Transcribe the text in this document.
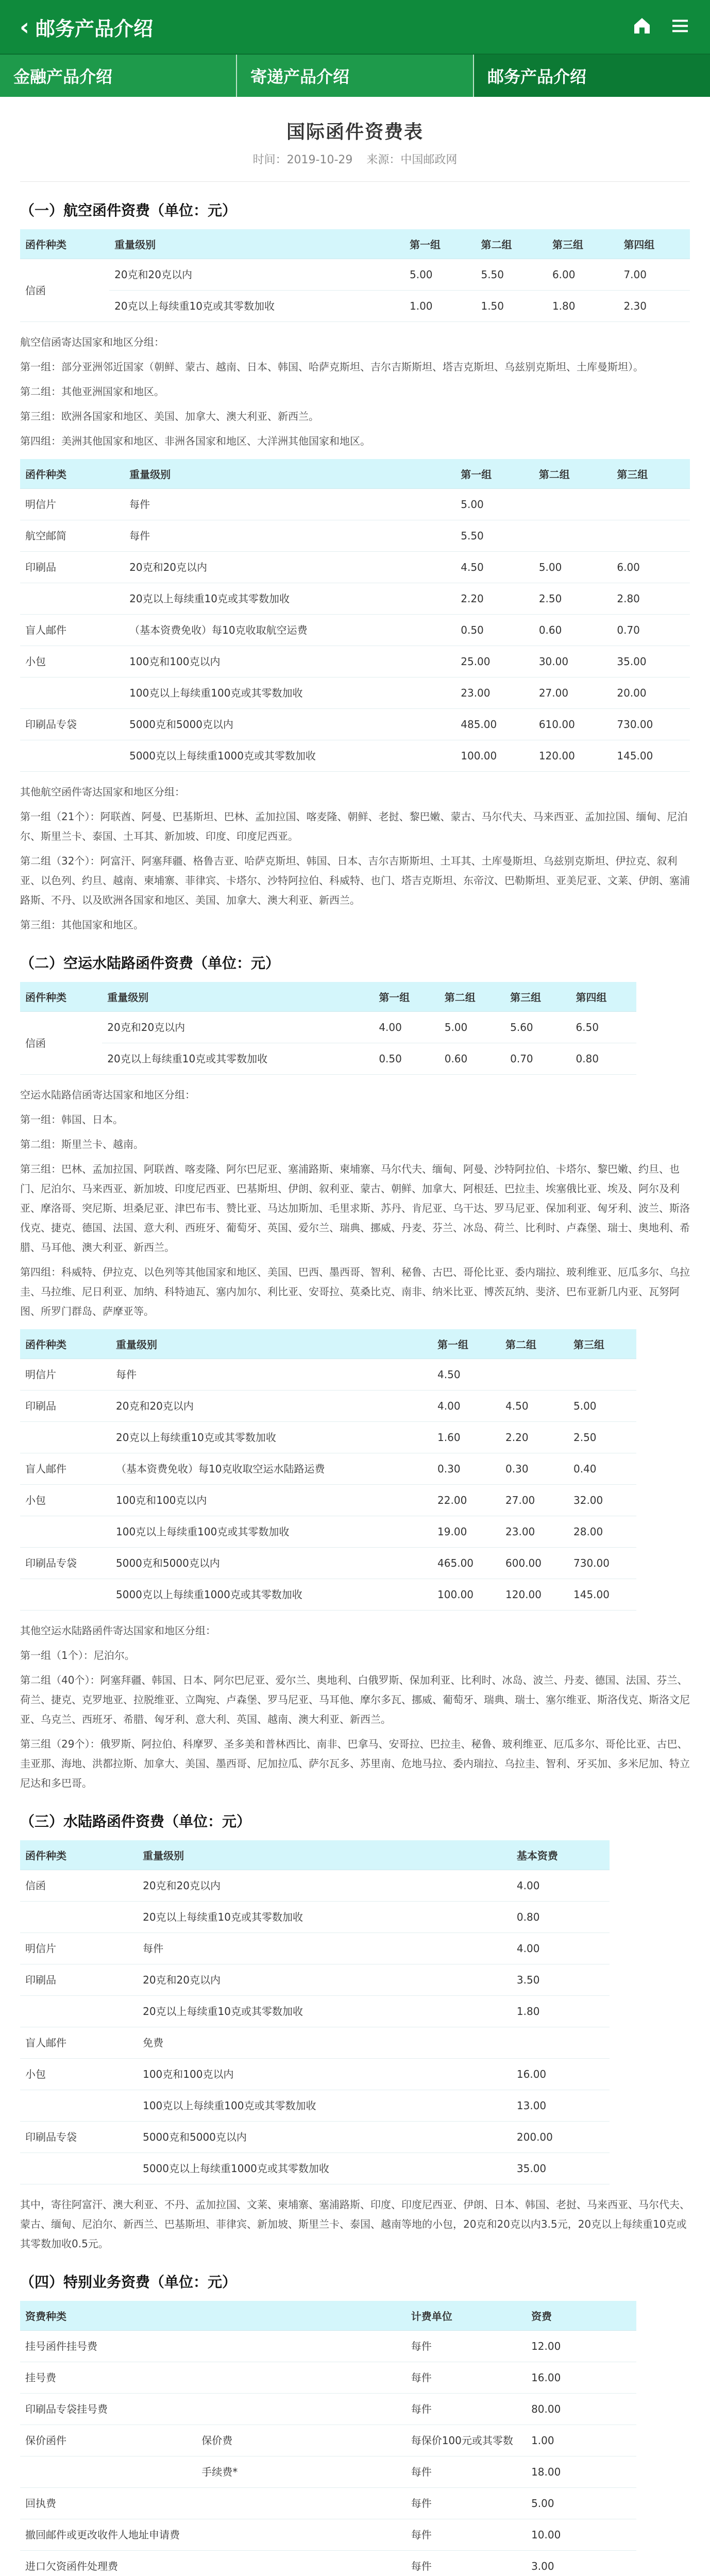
‹ 邮务产品介绍
金融产品介绍	寄递产品介绍	邮务产品介绍
国际函件资费表
时间：2019-10-29 来源：中国邮政网
（一）航空函件资费（单位：元）
函件种类	重量级别	第一组	第二组	第三组	第四组
信函	20克和20克以内	5.00	5.50	6.00	7.00
	20克以上每续重10克或其零数加收	1.00	1.50	1.80	2.30

航空信函寄达国家和地区分组：

第一组：部分亚洲邻近国家（朝鲜、蒙古、越南、日本、韩国、哈萨克斯坦、吉尔吉斯斯坦、塔吉克斯坦、乌兹别克斯坦、土库曼斯坦）。

第二组：其他亚洲国家和地区。

第三组：欧洲各国家和地区、美国、加拿大、澳大利亚、新西兰。

第四组：美洲其他国家和地区、非洲各国家和地区、大洋洲其他国家和地区。

函件种类	重量级别	第一组	第二组	第三组
明信片	每件	5.00		
航空邮简	每件	5.50		
印刷品	20克和20克以内	4.50	5.00	6.00
	20克以上每续重10克或其零数加收	2.20	2.50	2.80
盲人邮件	（基本资费免收）每10克收取航空运费	0.50	0.60	0.70
小包	100克和100克以内	25.00	30.00	35.00
	100克以上每续重100克或其零数加收	23.00	27.00	20.00
印刷品专袋	5000克和5000克以内	485.00	610.00	730.00
	5000克以上每续重1000克或其零数加收	100.00	120.00	145.00

其他航空函件寄达国家和地区分组：

第一组（21个）：阿联酋、阿曼、巴基斯坦、巴林、孟加拉国、喀麦隆、朝鲜、老挝、黎巴嫩、蒙古、马尔代夫、马来西亚、孟加拉国、缅甸、尼泊尔、斯里兰卡、泰国、土耳其、新加坡、印度、印度尼西亚。

第二组（32个）：阿富汗、阿塞拜疆、格鲁吉亚、哈萨克斯坦、韩国、日本、吉尔吉斯斯坦、土耳其、土库曼斯坦、乌兹别克斯坦、伊拉克、叙利亚、以色列、约旦、越南、柬埔寨、菲律宾、卡塔尔、沙特阿拉伯、科威特、也门、塔吉克斯坦、东帝汶、巴勒斯坦、亚美尼亚、文莱、伊朗、塞浦路斯、不丹、以及欧洲各国家和地区、美国、加拿大、澳大利亚、新西兰。

第三组：其他国家和地区。

（二）空运水陆路函件资费（单位：元）
函件种类	重量级别	第一组	第二组	第三组	第四组
信函	20克和20克以内	4.00	5.00	5.60	6.50
	20克以上每续重10克或其零数加收	0.50	0.60	0.70	0.80

空运水陆路信函寄达国家和地区分组：

第一组：韩国、日本。

第二组：斯里兰卡、越南。

第三组：巴林、孟加拉国、阿联酋、喀麦隆、阿尔巴尼亚、塞浦路斯、柬埔寨、马尔代夫、缅甸、阿曼、沙特阿拉伯、卡塔尔、黎巴嫩、约旦、也门、尼泊尔、马来西亚、新加坡、印度尼西亚、巴基斯坦、伊朗、叙利亚、蒙古、朝鲜、加拿大、阿根廷、巴拉圭、埃塞俄比亚、埃及、阿尔及利亚、摩洛哥、突尼斯、坦桑尼亚、津巴布韦、赞比亚、马达加斯加、毛里求斯、苏丹、肯尼亚、乌干达、罗马尼亚、保加利亚、匈牙利、波兰、斯洛伐克、捷克、德国、法国、意大利、西班牙、葡萄牙、英国、爱尔兰、瑞典、挪威、丹麦、芬兰、冰岛、荷兰、比利时、卢森堡、瑞士、奥地利、希腊、马耳他、澳大利亚、新西兰。

第四组：科威特、伊拉克、以色列等其他国家和地区、美国、巴西、墨西哥、智利、秘鲁、古巴、哥伦比亚、委内瑞拉、玻利维亚、厄瓜多尔、乌拉圭、马拉维、尼日利亚、加纳、科特迪瓦、塞内加尔、利比亚、安哥拉、莫桑比克、南非、纳米比亚、博茨瓦纳、斐济、巴布亚新几内亚、瓦努阿图、所罗门群岛、萨摩亚等。

函件种类	重量级别	第一组	第二组	第三组
明信片	每件	4.50		
印刷品	20克和20克以内	4.00	4.50	5.00
	20克以上每续重10克或其零数加收	1.60	2.20	2.50
盲人邮件	（基本资费免收）每10克收取空运水陆路运费	0.30	0.30	0.40
小包	100克和100克以内	22.00	27.00	32.00
	100克以上每续重100克或其零数加收	19.00	23.00	28.00
印刷品专袋	5000克和5000克以内	465.00	600.00	730.00
	5000克以上每续重1000克或其零数加收	100.00	120.00	145.00

其他空运水陆路函件寄达国家和地区分组：

第一组（1个）：尼泊尔。

第二组（40个）：阿塞拜疆、韩国、日本、阿尔巴尼亚、爱尔兰、奥地利、白俄罗斯、保加利亚、比利时、冰岛、波兰、丹麦、德国、法国、芬兰、荷兰、捷克、克罗地亚、拉脱维亚、立陶宛、卢森堡、罗马尼亚、马耳他、摩尔多瓦、挪威、葡萄牙、瑞典、瑞士、塞尔维亚、斯洛伐克、斯洛文尼亚、乌克兰、西班牙、希腊、匈牙利、意大利、英国、越南、澳大利亚、新西兰。

第三组（29个）：俄罗斯、阿拉伯、科摩罗、圣多美和普林西比、南非、巴拿马、安哥拉、巴拉圭、秘鲁、玻利维亚、厄瓜多尔、哥伦比亚、古巴、圭亚那、海地、洪都拉斯、加拿大、美国、墨西哥、尼加拉瓜、萨尔瓦多、苏里南、危地马拉、委内瑞拉、乌拉圭、智利、牙买加、多米尼加、特立尼达和多巴哥。

（三）水陆路函件资费（单位：元）
函件种类	重量级别	基本资费
信函	20克和20克以内	4.00
	20克以上每续重10克或其零数加收	0.80
明信片	每件	4.00
印刷品	20克和20克以内	3.50
	20克以上每续重10克或其零数加收	1.80
盲人邮件	免费	
小包	100克和100克以内	16.00
	100克以上每续重100克或其零数加收	13.00
印刷品专袋	5000克和5000克以内	200.00
	5000克以上每续重1000克或其零数加收	35.00

其中，寄往阿富汗、澳大利亚、不丹、孟加拉国、文莱、柬埔寨、塞浦路斯、印度、印度尼西亚、伊朗、日本、韩国、老挝、马来西亚、马尔代夫、蒙古、缅甸、尼泊尔、新西兰、巴基斯坦、菲律宾、新加坡、斯里兰卡、泰国、越南等地的小包，20克和20克以内3.5元，20克以上每续重10克或其零数加收0.5元。

（四）特别业务资费（单位：元）
资费种类		计费单位	资费
挂号函件挂号费		每件	12.00
挂号费		每件	16.00
印刷品专袋挂号费		每件	80.00
保价函件	保价费	每保价100元或其零数	1.00
	手续费*	每件	18.00
回执费		每件	5.00
撤回邮件或更改收件人地址申请费		每件	10.00
进口欠资函件处理费		每件	3.00
